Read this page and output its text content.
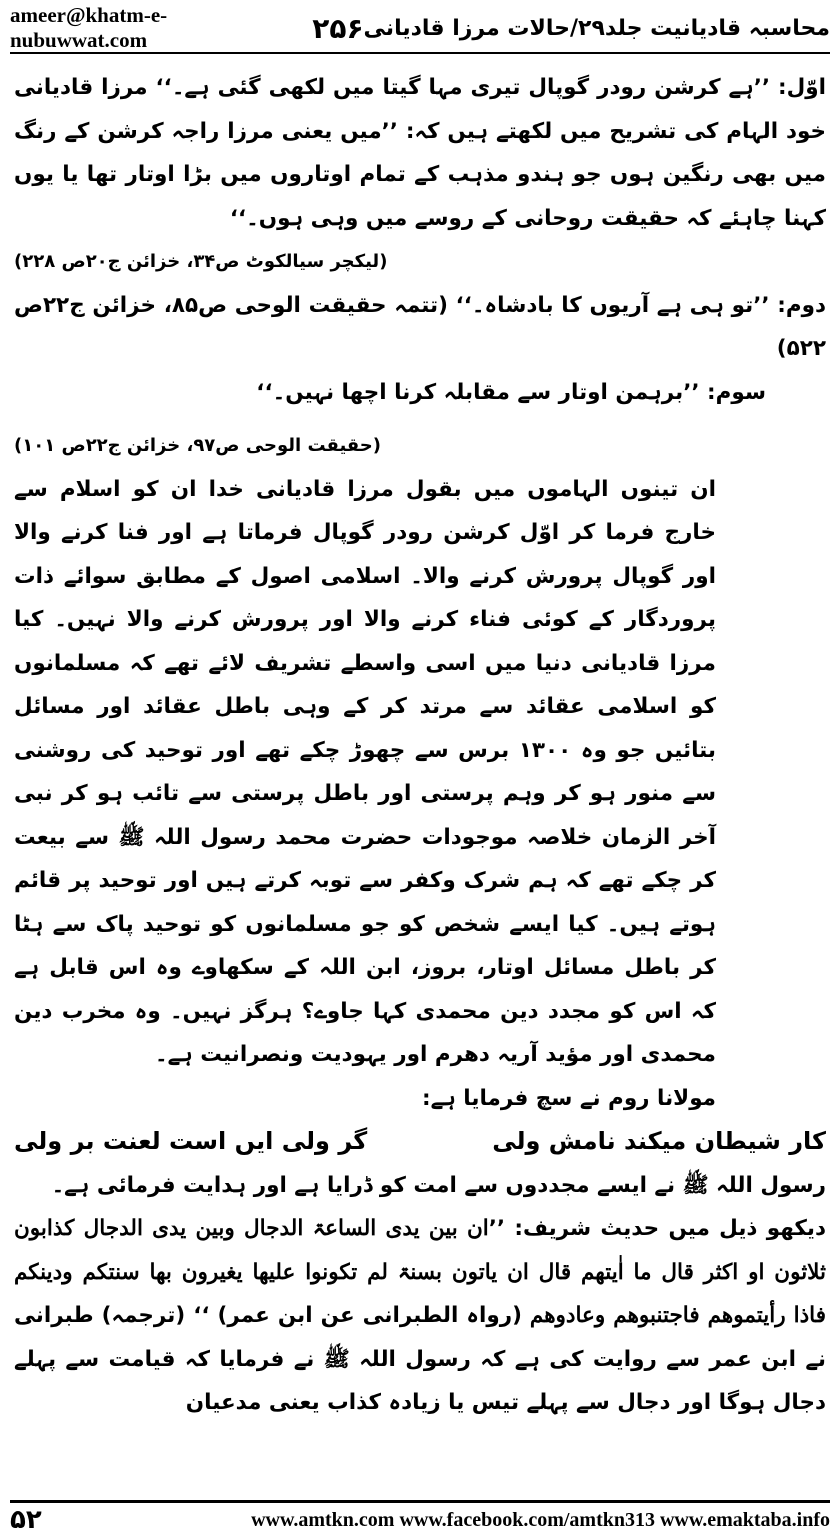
ameer@khatm-e-nubuwwat.com	۲۵۶ محاسبہ قادیانیت جلد۲۹/حالات مرزا قادیانی

اوّل: ’’ہے کرشن رودر گوپال تیری مہا گیتا میں لکھی گئی ہے۔‘‘ مرزا قادیانی خود الہام کی تشریح میں لکھتے ہیں کہ: ’’میں یعنی مرزا راجہ کرشن کے رنگ میں بھی رنگین ہوں جو ہندو مذہب کے تمام اوتاروں میں بڑا اوتار تھا یا یوں کہنا چاہئے کہ حقیقت روحانی کے روسے میں وہی ہوں۔‘‘

(لیکچر سیالکوٹ ص۳۴، خزائن ج۲۰ص ۲۲۸)

دوم: ’’تو ہی ہے آریوں کا بادشاہ۔‘‘ (تتمہ حقیقت الوحی ص۸۵، خزائن ج۲۲ص ۵۲۲)

سوم: ’’برہمن اوتار سے مقابلہ کرنا اچھا نہیں۔‘‘

(حقیقت الوحی ص۹۷، خزائن ج۲۲ص ۱۰۱)

ان تینوں الہاموں میں بقول مرزا قادیانی خدا ان کو اسلام سے خارج فرما کر اوّل کرشن رودر گوپال فرماتا ہے اور فنا کرنے والا اور گوپال پرورش کرنے والا۔ اسلامی اصول کے مطابق سوائے ذات پروردگار کے کوئی فناء کرنے والا اور پرورش کرنے والا نہیں۔ کیا مرزا قادیانی دنیا میں اسی واسطے تشریف لائے تھے کہ مسلمانوں کو اسلامی عقائد سے مرتد کر کے وہی باطل عقائد اور مسائل بتائیں جو وہ ۱۳۰۰ برس سے چھوڑ چکے تھے اور توحید کی روشنی سے منور ہو کر وہم پرستی اور باطل پرستی سے تائب ہو کر نبی آخر الزمان خلاصہ موجودات حضرت محمد رسول اللہ ﷺ سے بیعت کر چکے تھے کہ ہم شرک وکفر سے توبہ کرتے ہیں اور توحید پر قائم ہوتے ہیں۔ کیا ایسے شخص کو جو مسلمانوں کو توحید پاک سے ہٹا کر باطل مسائل اوتار، بروز، ابن اللہ کے سکھاوے وہ اس قابل ہے کہ اس کو مجدد دین محمدی کہا جاوے؟ ہرگز نہیں۔ وہ مخرب دین محمدی اور مؤید آریہ دھرم اور یہودیت ونصرانیت ہے۔

مولانا روم نے سچ فرمایا ہے:

کار شیطان میکند نامش ولی
گر ولی ایں است لعنت بر ولی

رسول اللہ ﷺ نے ایسے مجددوں سے امت کو ڈرایا ہے اور ہدایت فرمائی ہے۔

دیکھو ذیل میں حدیث شریف: ’’ان بین یدی الساعۃ الدجال وبین یدی الدجال کذابون ثلاثون او اکثر قال ما اٰیتھم قال ان یاتون بسنۃ لم تکونوا علیھا یغیرون بھا سنتکم ودینکم فاذا رأیتموھم فاجتنبوھم وعادوھم (رواہ الطبرانی عن ابن عمر) ‘‘ (ترجمہ) طبرانی نے ابن عمر سے روایت کی ہے کہ رسول اللہ ﷺ نے فرمایا کہ قیامت سے پہلے دجال ہوگا اور دجال سے پہلے تیس یا زیادہ کذاب یعنی مدعیان

۵۲	www.amtkn.com www.facebook.com/amtkn313 www.emaktaba.info
